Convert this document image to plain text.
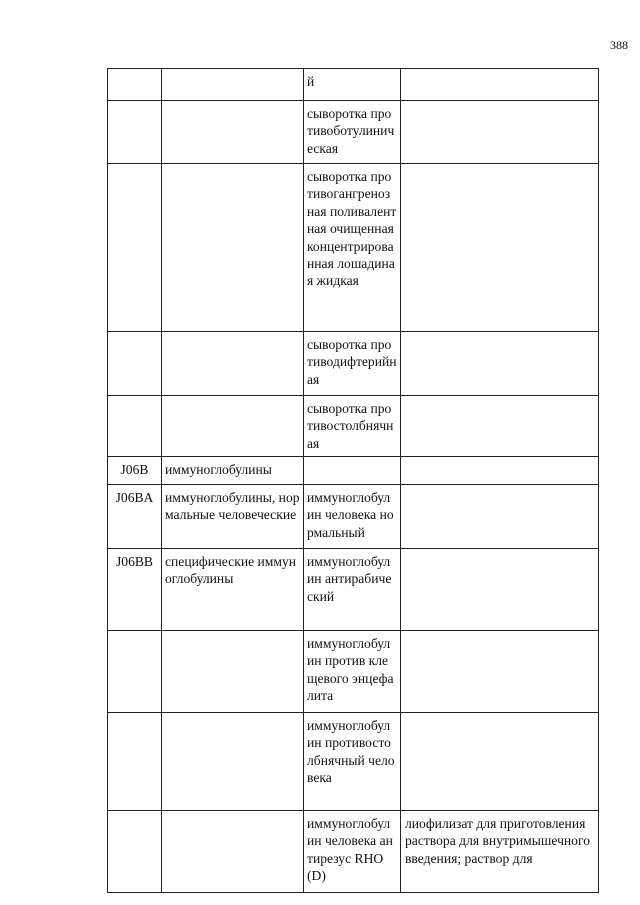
388
		й	
		сыворотка противоботулиническая	
		сыворотка противогангренозная поливалентная очищенная концентрированная лошадиная жидкая	
		сыворотка противодифтерийная	
		сыворотка противостолбнячная	
J06B	иммуноглобулины		
J06BA	иммуноглобулины, нормальные человеческие	иммуноглобулин человека нормальный	
J06BB	специфические иммуноглобулины	иммуноглобулин антирабический	
		иммуноглобулин против клещевого энцефалита	
		иммуноглобулин противостолбнячный человека	
		иммуноглобулин человека антирезус RHO(D)	лиофилизат для приготовления раствора для внутримышечного введения; раствор для
